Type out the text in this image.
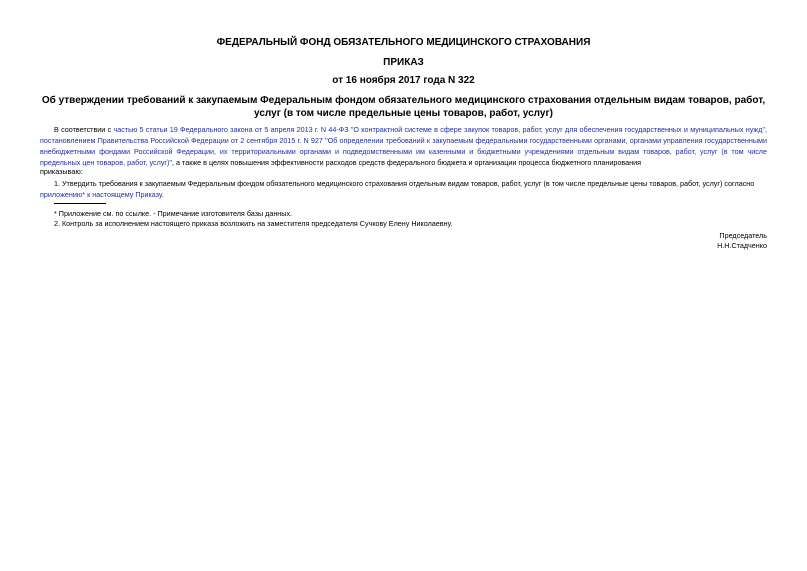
ФЕДЕРАЛЬНЫЙ ФОНД ОБЯЗАТЕЛЬНОГО МЕДИЦИНСКОГО СТРАХОВАНИЯ
ПРИКАЗ
от 16 ноября 2017 года N 322
Об утверждении требований к закупаемым Федеральным фондом обязательного медицинского страхования отдельным видам товаров, работ, услуг (в том числе предельные цены товаров, работ, услуг)
В соответствии с частью 5 статьи 19 Федерального закона от 5 апреля 2013 г. N 44-ФЗ "О контрактной системе в сфере закупок товаров, работ, услуг для обеспечения государственных и муниципальных нужд", постановлением Правительства Российской Федерации от 2 сентября 2015 г. N 927 "Об определении требований к закупаемым федеральными государственными органами, органами управления государственными внебюджетными фондами Российской Федерации, их территориальными органами и подведомственными им казенными и бюджетными учреждениями отдельным видам товаров, работ, услуг (в том числе предельных цен товаров, работ, услуг)", а также в целях повышения эффективности расходов средств федерального бюджета и организации процесса бюджетного планирования
приказываю:
1. Утвердить требования к закупаемым Федеральным фондом обязательного медицинского страхования отдельным видам товаров, работ, услуг (в том числе предельные цены товаров, работ, услуг) согласно приложению* к настоящему Приказу.
* Приложение см. по ссылке. - Примечание изготовителя базы данных.
2. Контроль за исполнением настоящего приказа возложить на заместителя председателя Сучкову Елену Николаевну.
Председатель
Н.Н.Стадченко
